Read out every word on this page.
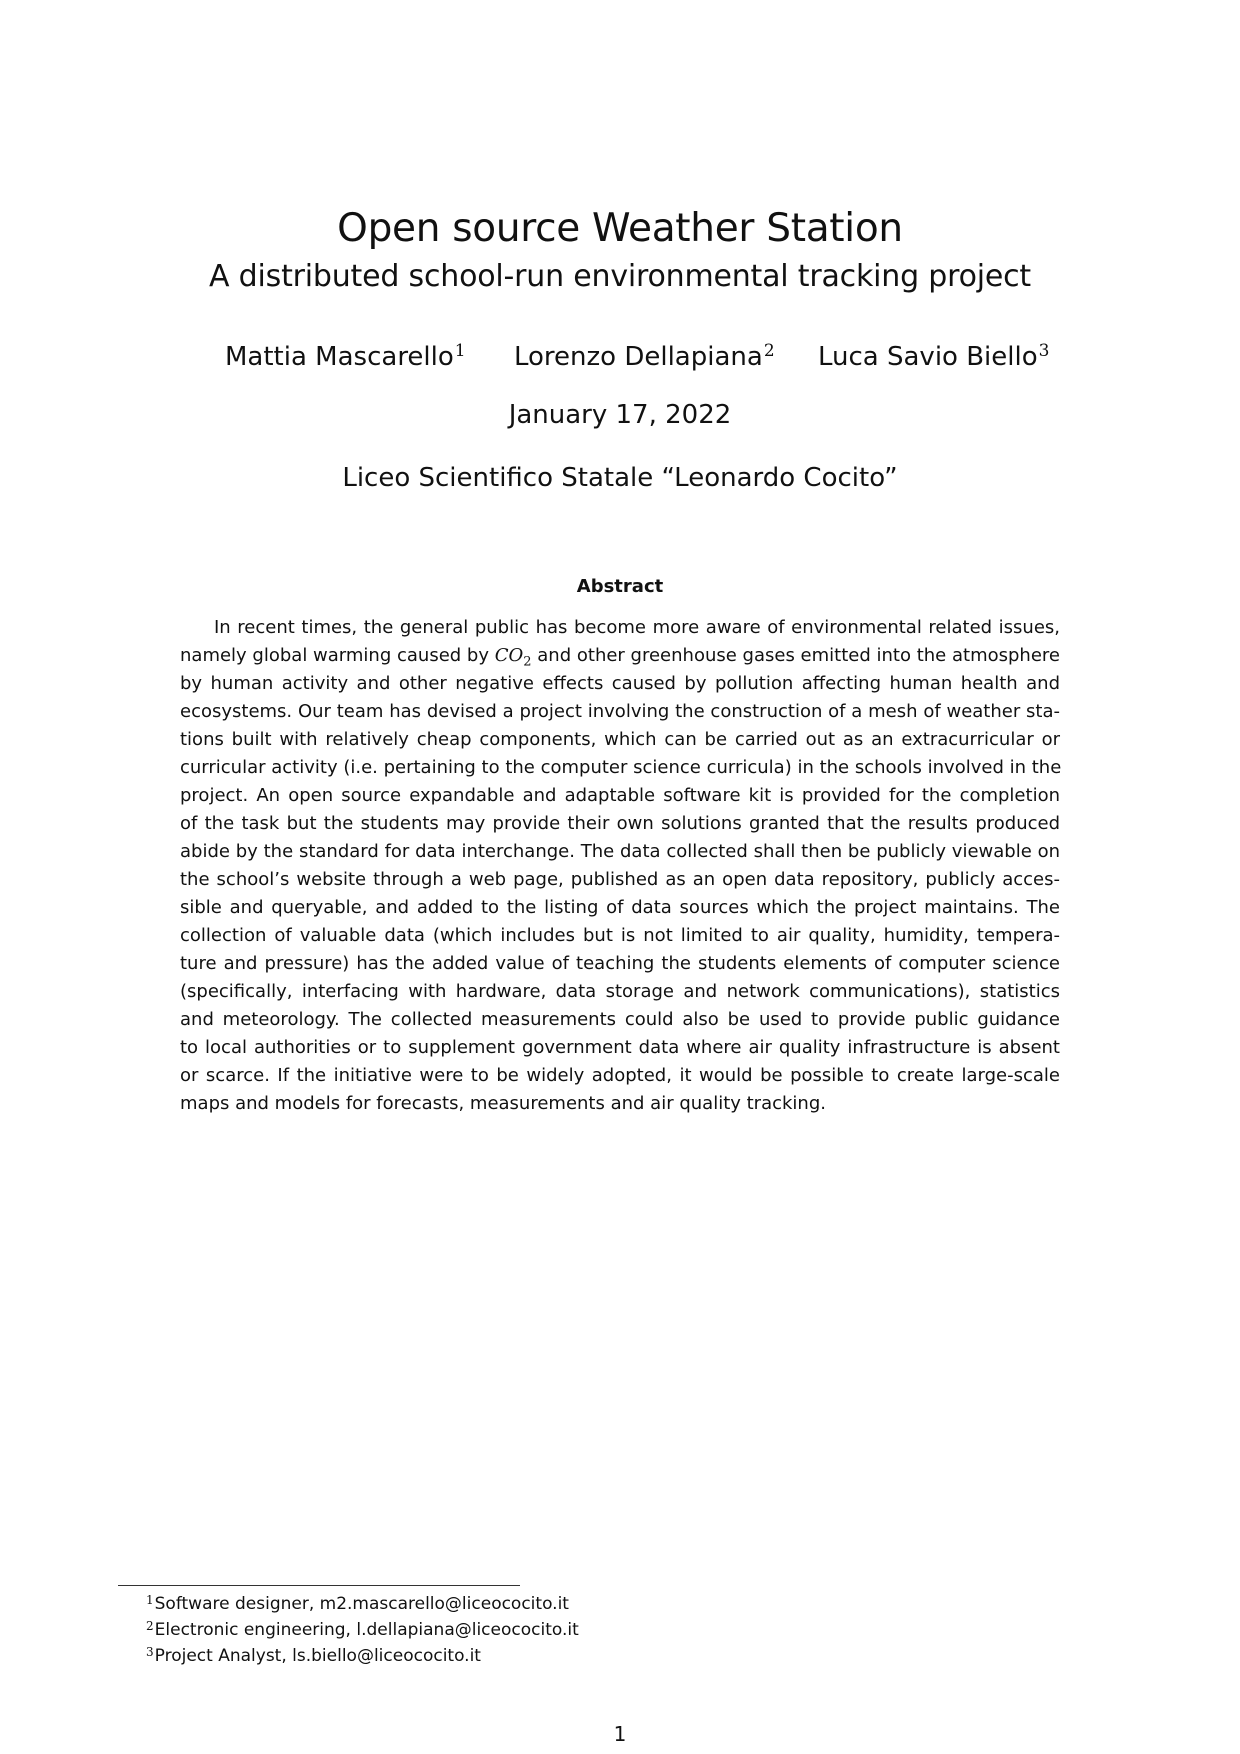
Open source Weather Station
A distributed school-run environmental tracking project
Mattia Mascarello$^1$ Lorenzo Dellapiana$^2$ Luca Savio Biello$^3$
January 17, 2022
Liceo Scientifico Statale “Leonardo Cocito”
Abstract
In recent times, the general public has become more aware of environmental related issues,
namely global warming caused by $CO_2$ and other greenhouse gases emitted into the atmosphere
by human activity and other negative effects caused by pollution affecting human health and
ecosystems. Our team has devised a project involving the construction of a mesh of weather sta-
tions built with relatively cheap components, which can be carried out as an extracurricular or
curricular activity (i.e. pertaining to the computer science curricula) in the schools involved in the
project. An open source expandable and adaptable software kit is provided for the completion
of the task but the students may provide their own solutions granted that the results produced
abide by the standard for data interchange. The data collected shall then be publicly viewable on
the school’s website through a web page, published as an open data repository, publicly acces-
sible and queryable, and added to the listing of data sources which the project maintains. The
collection of valuable data (which includes but is not limited to air quality, humidity, tempera-
ture and pressure) has the added value of teaching the students elements of computer science
(specifically, interfacing with hardware, data storage and network communications), statistics
and meteorology. The collected measurements could also be used to provide public guidance
to local authorities or to supplement government data where air quality infrastructure is absent
or scarce. If the initiative were to be widely adopted, it would be possible to create large-scale
maps and models for forecasts, measurements and air quality tracking.
$^1$Software designer, m2.mascarello@liceococito.it
$^2$Electronic engineering, l.dellapiana@liceococito.it
$^3$Project Analyst, ls.biello@liceococito.it
1
